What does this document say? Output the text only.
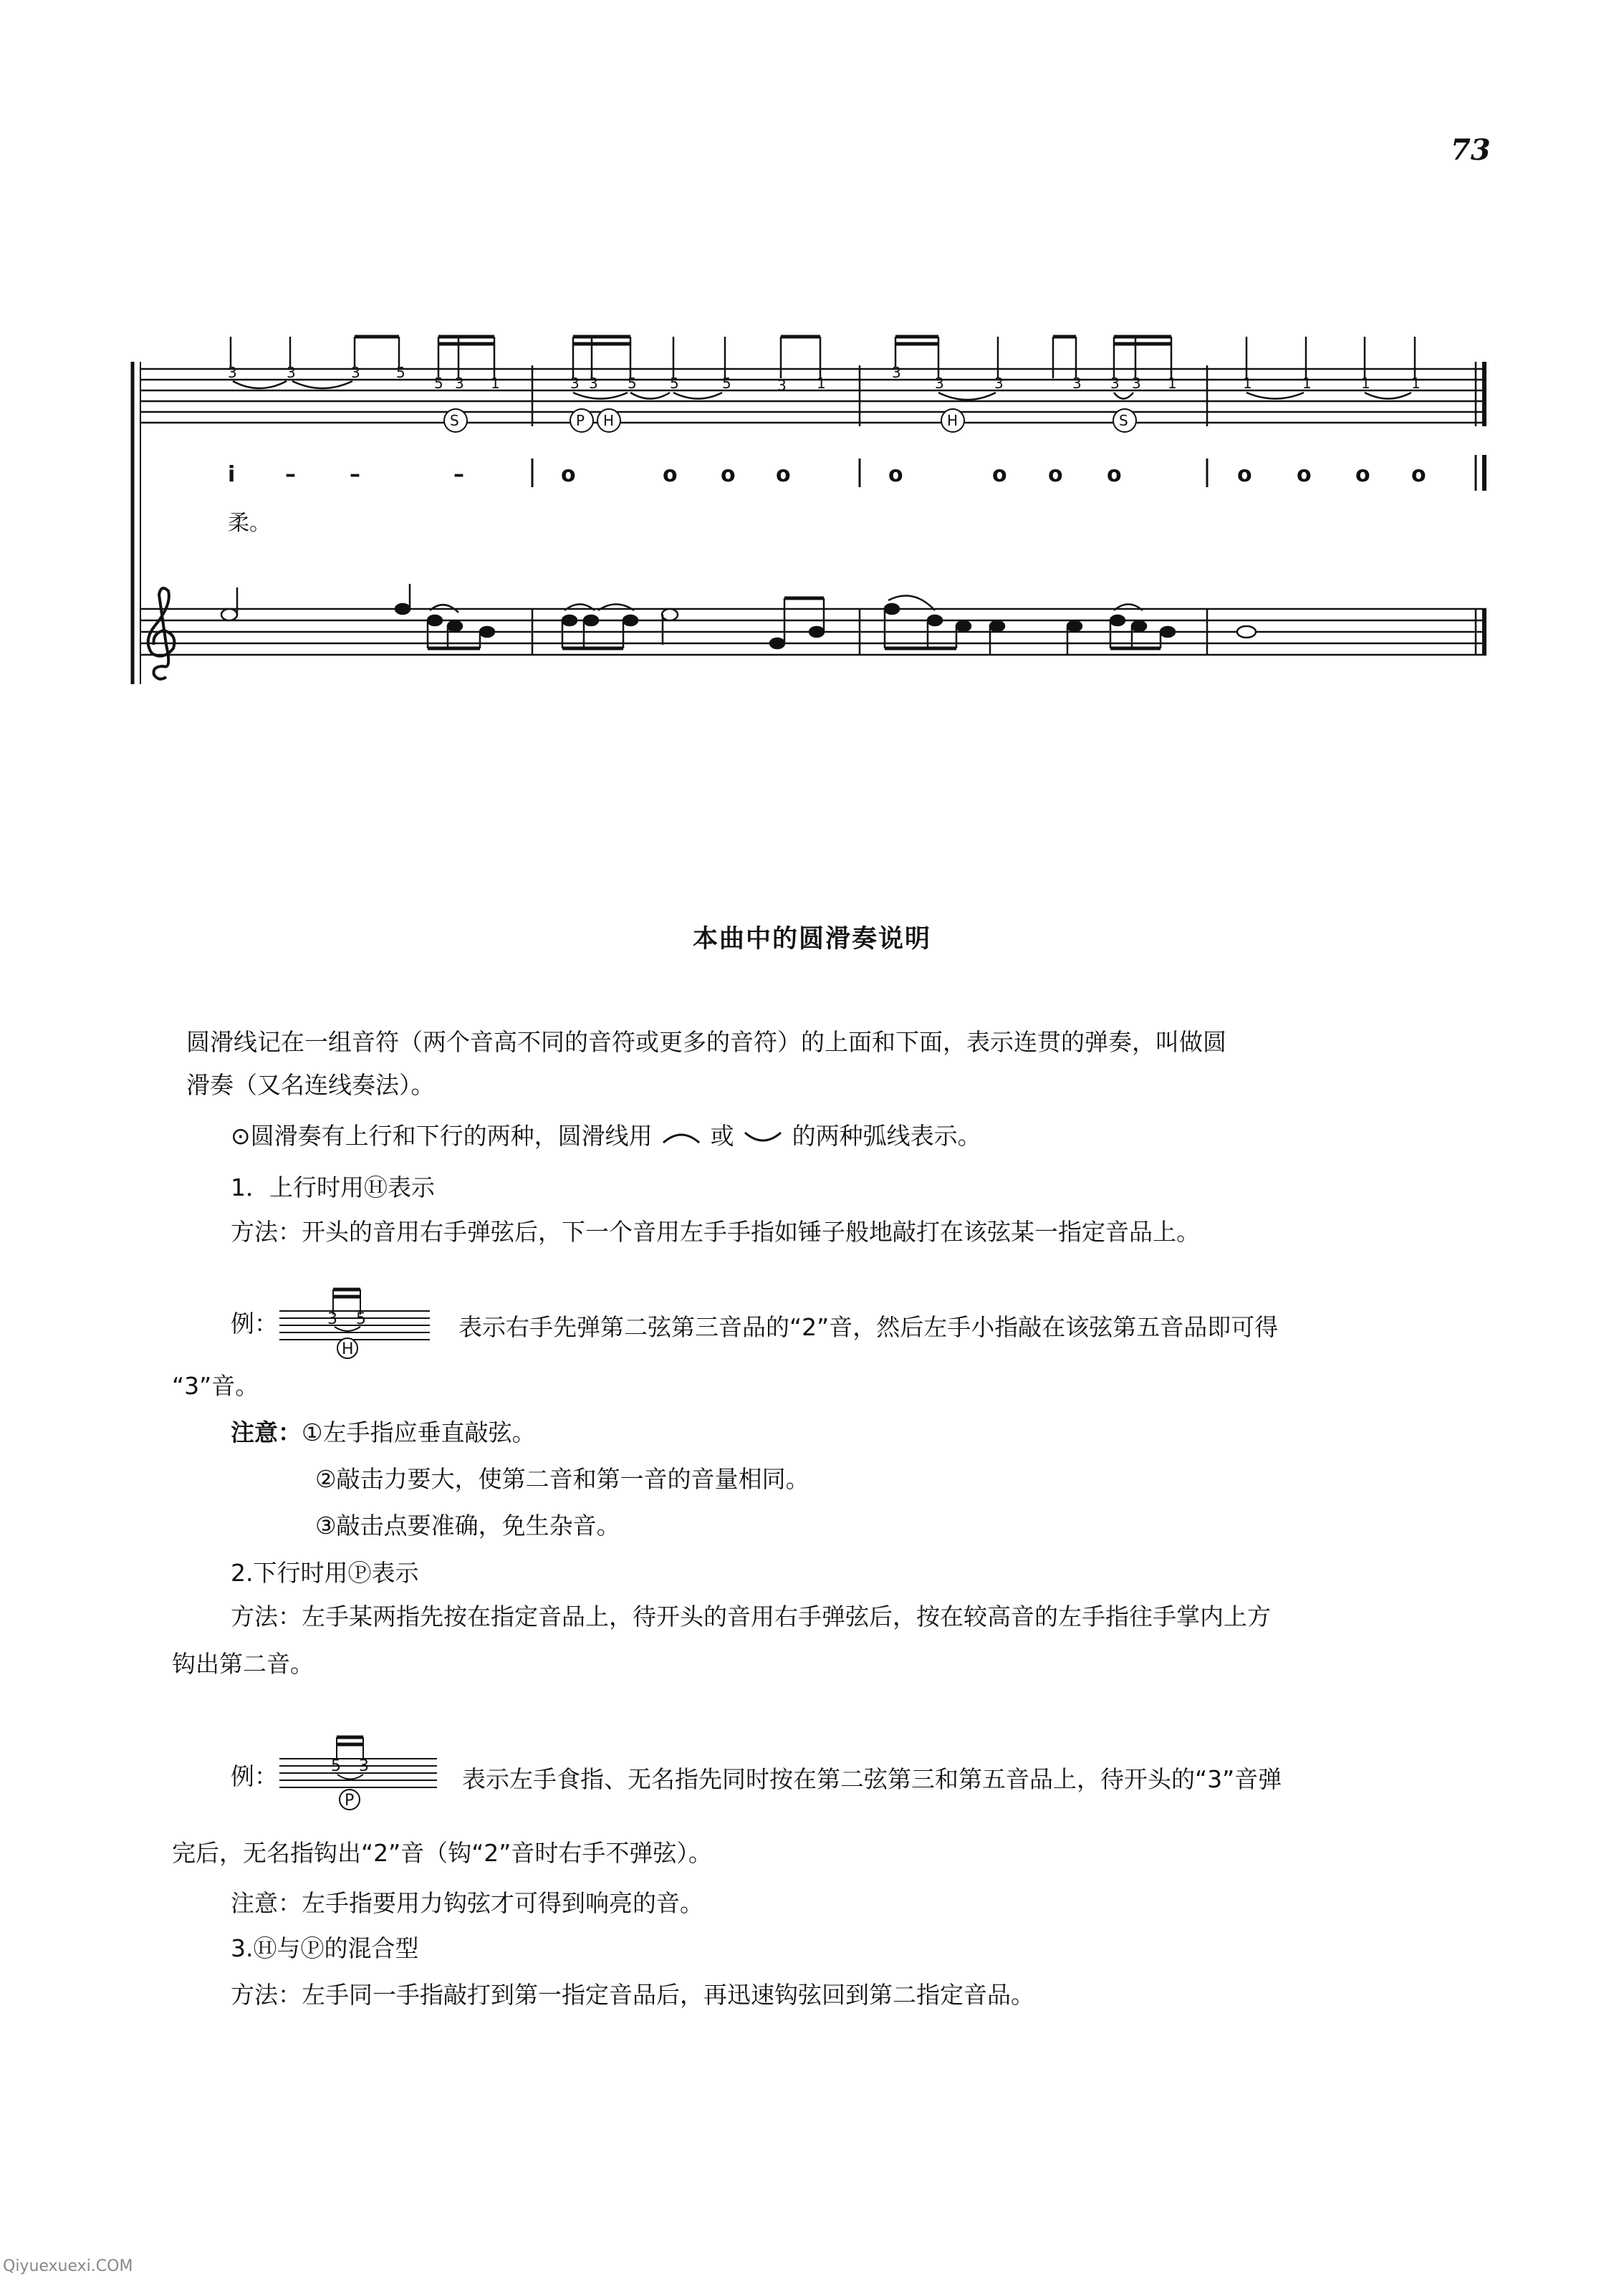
73
3	3	3	5
5 3 1	3 3 5 5	5	3 1
3
3	3	3 3 3 1	1	1	1	1
S	P H	H	S
i –	–	–	o	o o o	o	o o o	o o o o
柔。
本曲中的圆滑奏说明
圆滑线记在一组音符（两个音高不同的音符或更多的音符）的上面和下面，表示连贯的弹奏，叫做圆
滑奏（又名连线奏法）。
⊙圆滑奏有上行和下行的两种，圆滑线用 或 的两种弧线表示。
1．上行时用Ⓗ表示
方法：开头的音用右手弹弦后，下一个音用左手手指如锤子般地敲打在该弦某一指定音品上。
例：	3 5
H
表示右手先弹第二弦第三音品的“2”音，然后左手小指敲在该弦第五音品即可得
“3”音。
注意：①左手指应垂直敲弦。
②敲击力要大，使第二音和第一音的音量相同。
③敲击点要准确，免生杂音。
2.下行时用Ⓟ表示
方法：左手某两指先按在指定音品上，待开头的音用右手弹弦后，按在较高音的左手指往手掌内上方
钩出第二音。
例：	5 3
P
表示左手食指、无名指先同时按在第二弦第三和第五音品上，待开头的“3”音弹
完后，无名指钩出“2”音（钩“2”音时右手不弹弦）。
注意：左手指要用力钩弦才可得到响亮的音。
3.Ⓗ与Ⓟ的混合型
方法：左手同一手指敲打到第一指定音品后，再迅速钩弦回到第二指定音品。
Qiyuexuexi.COM
